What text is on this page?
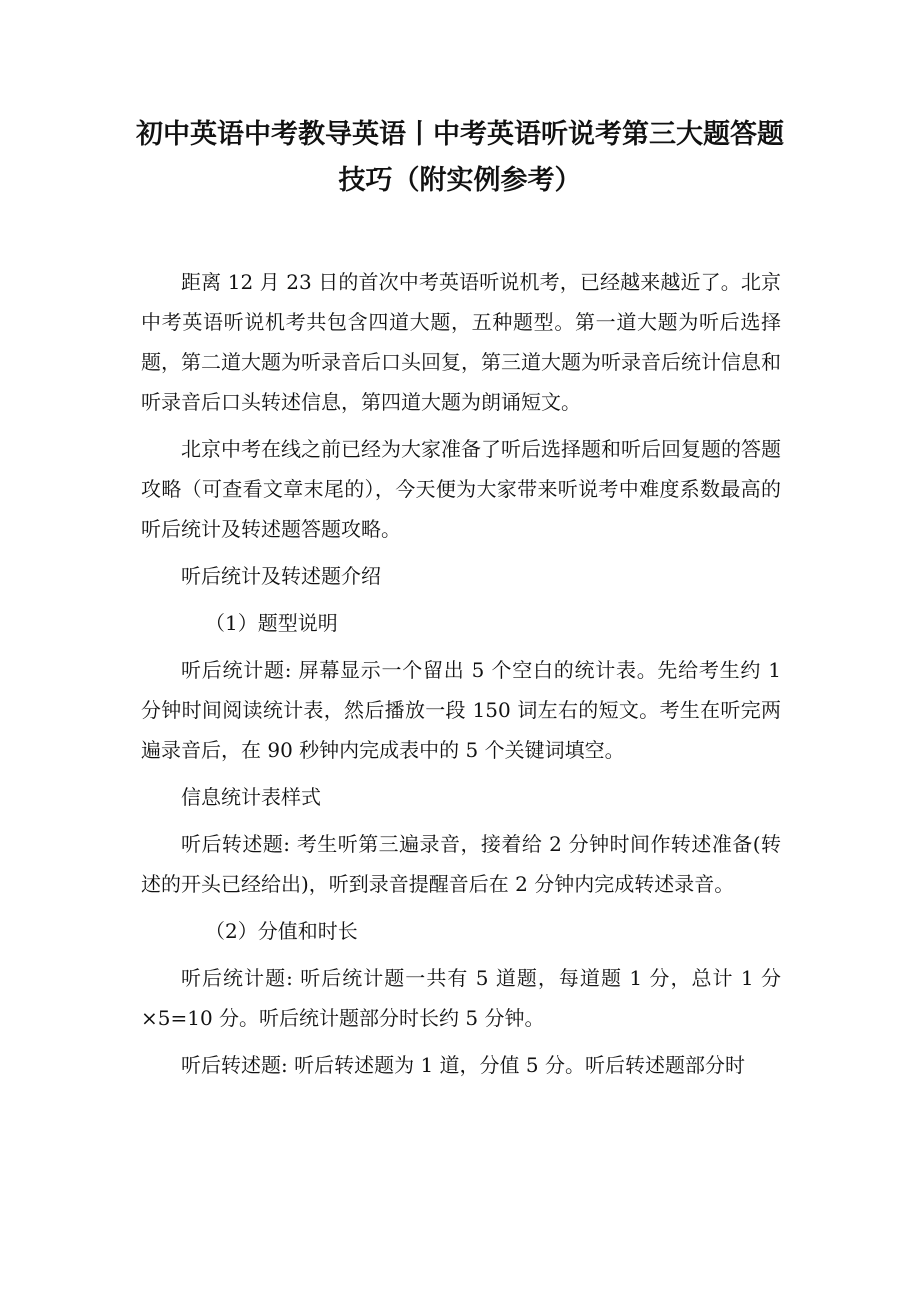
初中英语中考教导英语丨中考英语听说考第三大题答题技巧（附实例参考）

距离 12 月 23 日的首次中考英语听说机考，已经越来越近了。北京中考英语听说机考共包含四道大题，五种题型。第一道大题为听后选择题，第二道大题为听录音后口头回复，第三道大题为听录音后统计信息和听录音后口头转述信息，第四道大题为朗诵短文。

北京中考在线之前已经为大家准备了听后选择题和听后回复题的答题攻略（可查看文章末尾的），今天便为大家带来听说考中难度系数最高的听后统计及转述题答题攻略。

听后统计及转述题介绍

（1）题型说明

听后统计题: 屏幕显示一个留出 5 个空白的统计表。先给考生约 1 分钟时间阅读统计表，然后播放一段 150 词左右的短文。考生在听完两遍录音后，在 90 秒钟内完成表中的 5 个关键词填空。

信息统计表样式

听后转述题: 考生听第三遍录音，接着给 2 分钟时间作转述准备(转述的开头已经给出)，听到录音提醒音后在 2 分钟内完成转述录音。

（2）分值和时长

听后统计题: 听后统计题一共有 5 道题，每道题 1 分，总计 1 分×5=10 分。听后统计题部分时长约 5 分钟。

听后转述题: 听后转述题为 1 道，分值 5 分。听后转述题部分时
